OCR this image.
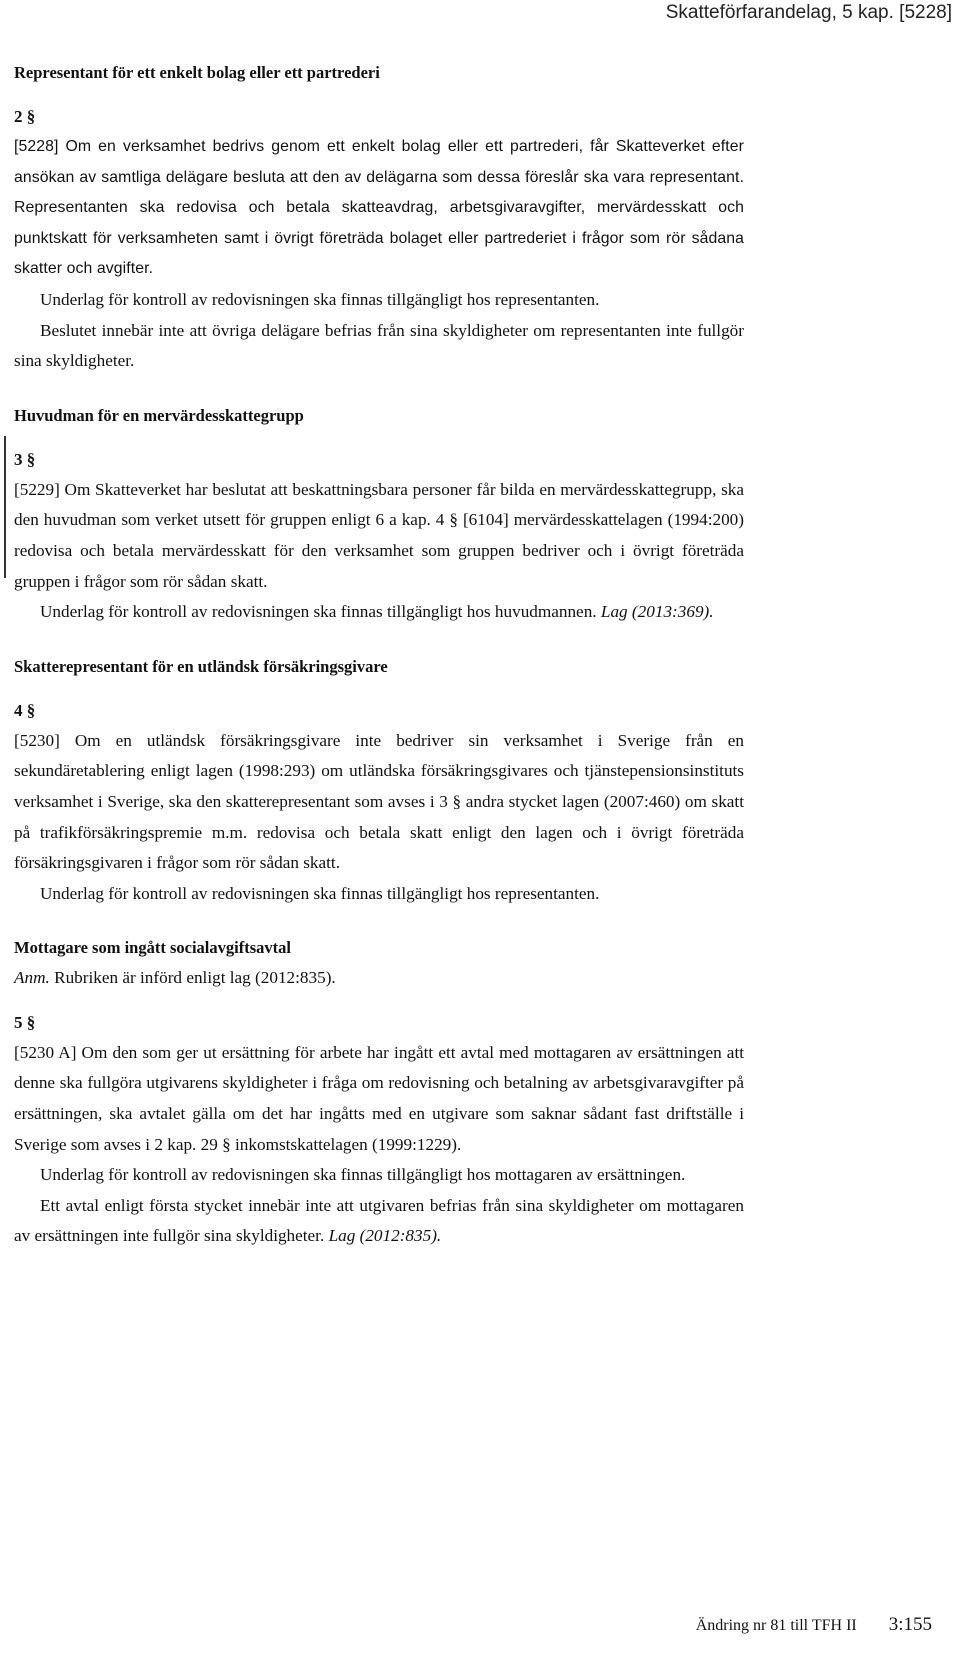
Skatteförfarandelag, 5 kap. [5228]

Representant för ett enkelt bolag eller ett partrederi

2 §

[5228] Om en verksamhet bedrivs genom ett enkelt bolag eller ett partrederi, får Skatteverket efter ansökan av samtliga delägare besluta att den av delägarna som dessa föreslår ska vara representant. Representanten ska redovisa och betala skatteavdrag, arbetsgivaravgifter, mervärdesskatt och punktskatt för verksamheten samt i övrigt företräda bolaget eller partrederiet i frågor som rör sådana skatter och avgifter.

Underlag för kontroll av redovisningen ska finnas tillgängligt hos representanten.

Beslutet innebär inte att övriga delägare befrias från sina skyldigheter om representanten inte fullgör sina skyldigheter.

Huvudman för en mervärdesskattegrupp

3 §

[5229] Om Skatteverket har beslutat att beskattningsbara personer får bilda en mervärdesskattegrupp, ska den huvudman som verket utsett för gruppen enligt 6 a kap. 4 § [6104] mervärdesskattelagen (1994:200) redovisa och betala mervärdesskatt för den verksamhet som gruppen bedriver och i övrigt företräda gruppen i frågor som rör sådan skatt.

Underlag för kontroll av redovisningen ska finnas tillgängligt hos huvudmannen. Lag (2013:369).

Skatterepresentant för en utländsk försäkringsgivare

4 §

[5230] Om en utländsk försäkringsgivare inte bedriver sin verksamhet i Sverige från en sekundäretablering enligt lagen (1998:293) om utländska försäkringsgivares och tjänstepensionsinstituts verksamhet i Sverige, ska den skatterepresentant som avses i 3 § andra stycket lagen (2007:460) om skatt på trafikförsäkringspremie m.m. redovisa och betala skatt enligt den lagen och i övrigt företräda försäkringsgivaren i frågor som rör sådan skatt.

Underlag för kontroll av redovisningen ska finnas tillgängligt hos representanten.

Mottagare som ingått socialavgiftsavtal

Anm. Rubriken är införd enligt lag (2012:835).

5 §

[5230 A] Om den som ger ut ersättning för arbete har ingått ett avtal med mottagaren av ersättningen att denne ska fullgöra utgivarens skyldigheter i fråga om redovisning och betalning av arbetsgivaravgifter på ersättningen, ska avtalet gälla om det har ingåtts med en utgivare som saknar sådant fast driftställe i Sverige som avses i 2 kap. 29 § inkomstskattelagen (1999:1229).

Underlag för kontroll av redovisningen ska finnas tillgängligt hos mottagaren av ersättningen.

Ett avtal enligt första stycket innebär inte att utgivaren befrias från sina skyldigheter om mottagaren av ersättningen inte fullgör sina skyldigheter. Lag (2012:835).

Ändring nr 81 till TFH II 3:155
